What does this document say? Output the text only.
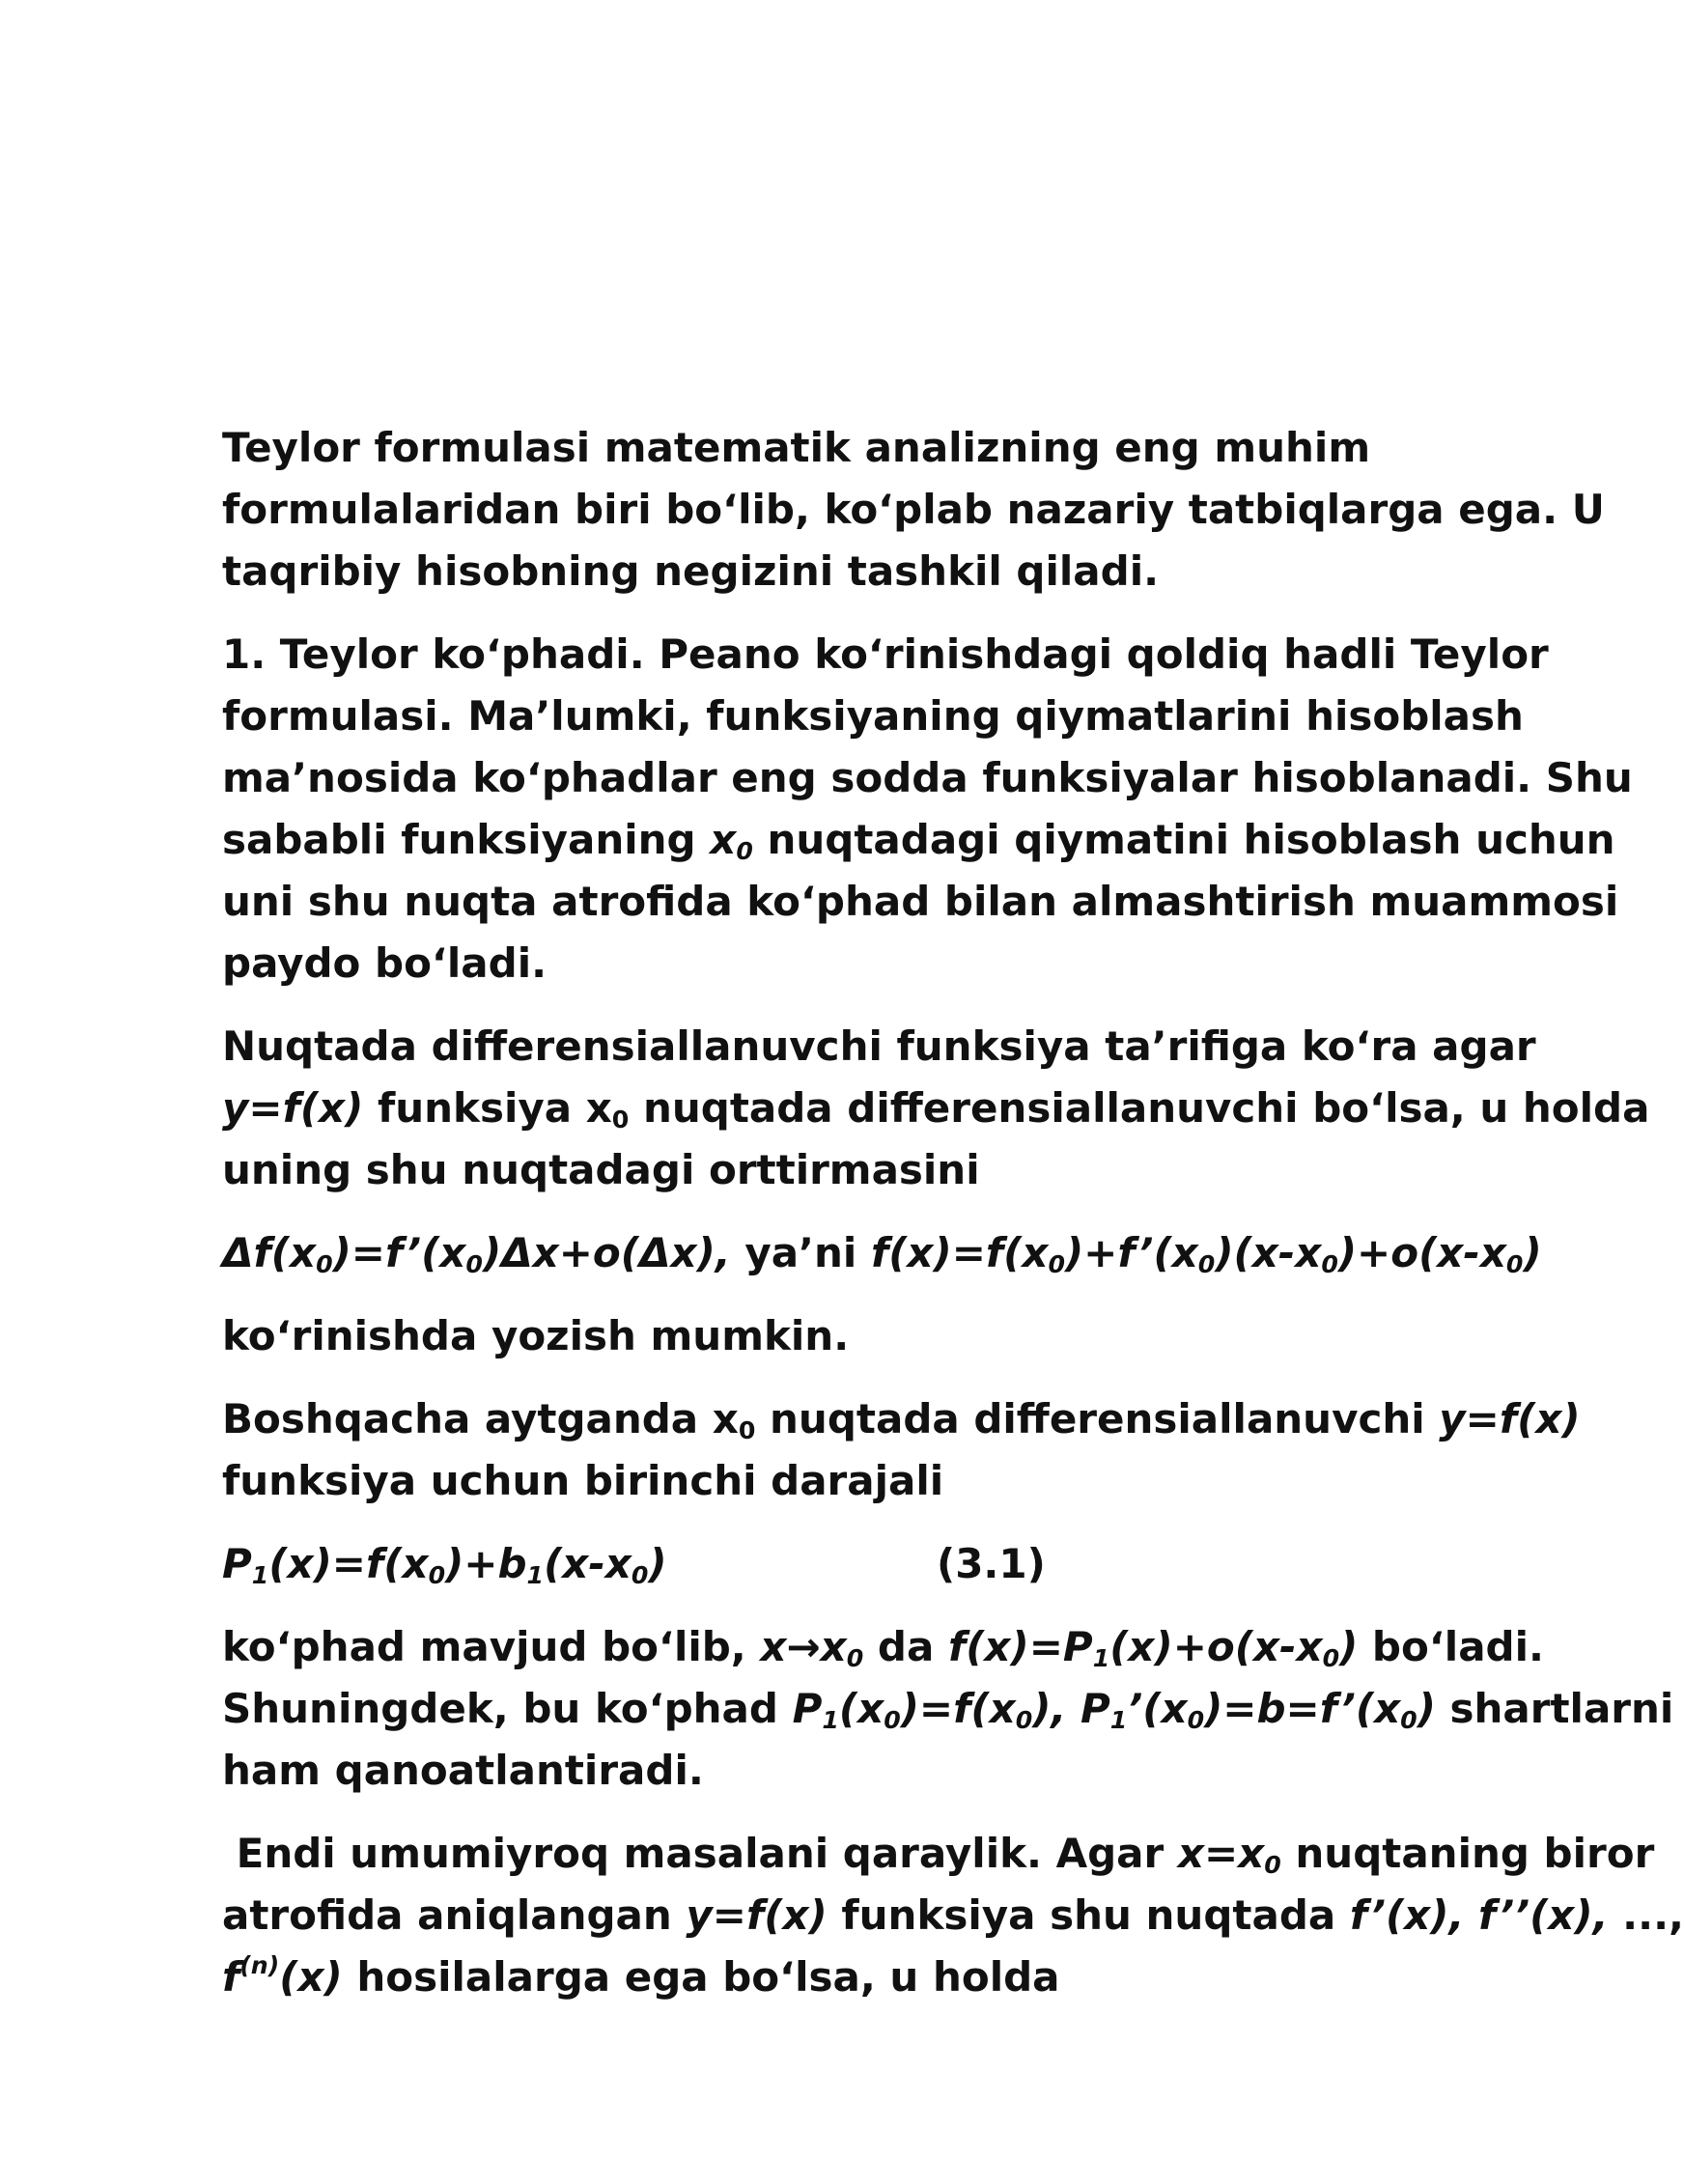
Teylor formulasi matematik analizning eng muhim
formulalaridan biri bo‘lib, ko‘plab nazariy tatbiqlarga ega. U
taqribiy hisobning negizini tashkil qiladi.

1. Teylor ko‘phadi. Peano ko‘rinishdagi qoldiq hadli Teylor
formulasi. Ma’lumki, funksiyaning qiymatlarini hisoblash
ma’nosida ko‘phadlar eng sodda funksiyalar hisoblanadi. Shu
sababli funksiyaning $x_0$ nuqtadagi qiymatini hisoblash uchun
uni shu nuqta atrofida ko‘phad bilan almashtirish muammosi
paydo bo‘ladi.

Nuqtada differensiallanuvchi funksiya ta’rifiga ko‘ra agar
y=f(x) funksiya $x_0$ nuqtada differensiallanuvchi bo‘lsa, u holda
uning shu nuqtadagi orttirmasini

$\Delta f(x_0)=f’(x_0)\Delta x+o(\Delta x)$, ya’ni $f(x)=f(x_0)+f’(x_0)(x-x_0)+o(x-x_0)$

ko‘rinishda yozish mumkin.

Boshqacha aytganda $x_0$ nuqtada differensiallanuvchi y=f(x)
funksiya uchun birinchi darajali

$P_1(x)=f(x_0)+b_1(x-x_0)$	(3.1)

ko‘phad mavjud bo‘lib, $x\to x_0$ da $f(x)=P_1(x)+o(x-x_0)$ bo‘ladi.
Shuningdek, bu ko‘phad $P_1(x_0)=f(x_0)$, $P_1’(x_0)=b=f’(x_0)$ shartlarni
ham qanoatlantiradi.

Endi umumiyroq masalani qaraylik. Agar $x=x_0$ nuqtaning biror
atrofida aniqlangan y=f(x) funksiya shu nuqtada f’(x), f’’(x), ...,
$f^{(n)}(x)$ hosilalarga ega bo‘lsa, u holda
